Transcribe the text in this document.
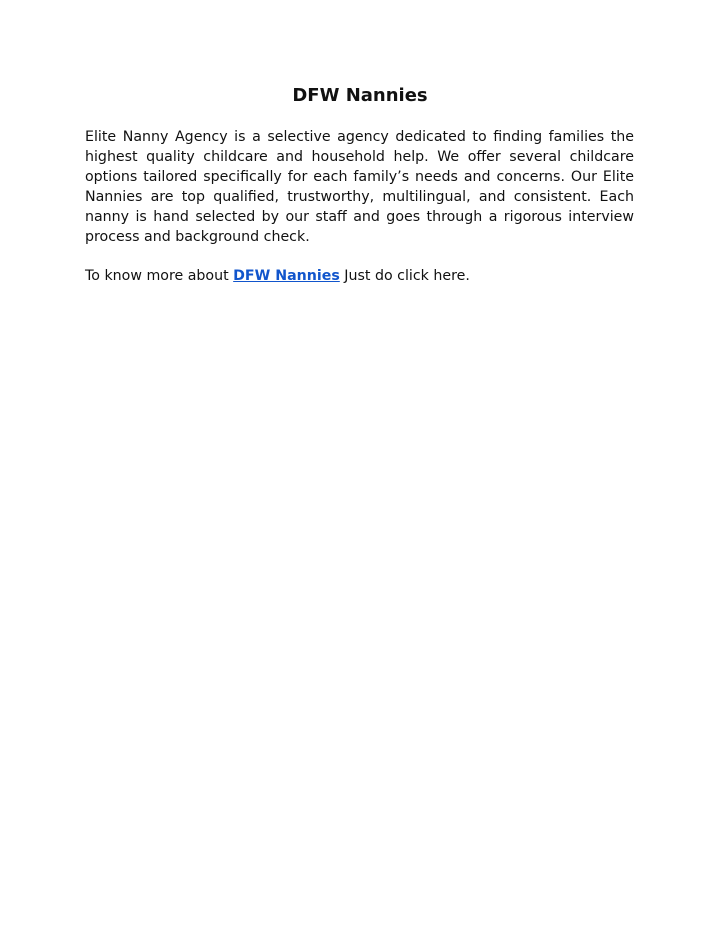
DFW Nannies

Elite Nanny Agency is a selective agency dedicated to finding families the highest quality childcare and household help. We offer several childcare options tailored specifically for each family’s needs and concerns. Our Elite Nannies are top qualified, trustworthy, multilingual, and consistent. Each nanny is hand selected by our staff and goes through a rigorous interview process and background check.

To know more about DFW Nannies Just do click here.
